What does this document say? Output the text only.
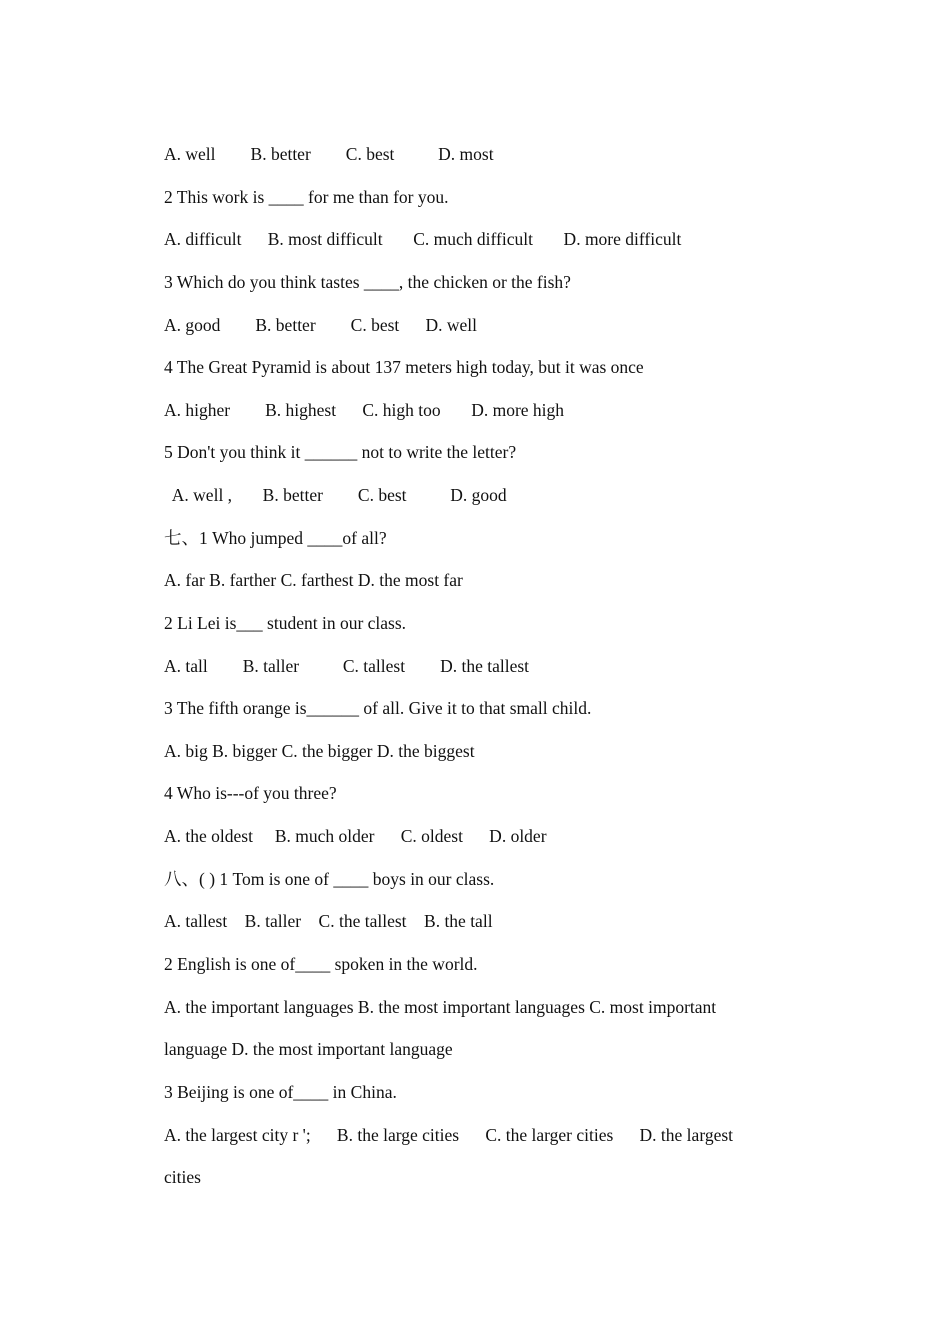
A. well        B. better        C. best          D. most
2 This work is ____ for me than for you.
A. difficult      B. most difficult       C. much difficult       D. more difficult
3 Which do you think tastes ____, the chicken or the fish?
A. good        B. better        C. best      D. well
4 The Great Pyramid is about 137 meters high today, but it was once
A. higher        B. highest      C. high too       D. more high
5 Don't you think it ______ not to write the letter?
A. well ,       B. better        C. best          D. good
七、1 Who jumped ____of all?
A. far B. farther C. farthest D. the most far
2 Li Lei is___ student in our class.
A. tall        B. taller          C. tallest        D. the tallest
3 The fifth orange is______ of all. Give it to that small child.
A. big B. bigger C. the bigger D. the biggest
4 Who is---of you three?
A. the oldest     B. much older      C. oldest      D. older
八、( ) 1 Tom is one of ____ boys in our class.
A. tallest    B. taller    C. the tallest    B. the tall
2 English is one of____ spoken in the world.
A. the important languages B. the most important languages C. most important
language D. the most important language
3 Beijing is one of____ in China.
A. the largest city r ';      B. the large cities      C. the larger cities      D. the largest
cities
